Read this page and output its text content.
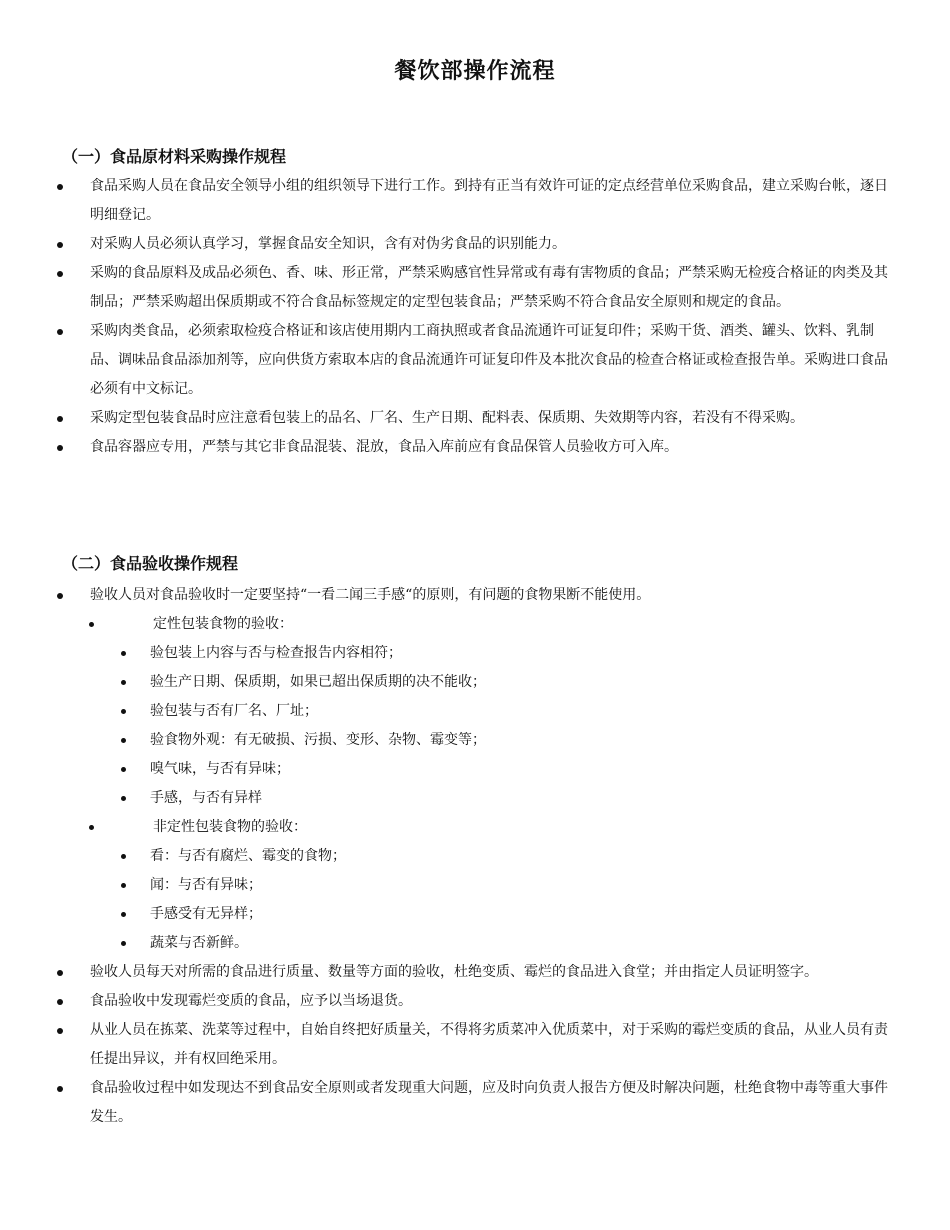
餐饮部操作流程
（一）食品原材料采购操作规程
食品采购人员在食品安全领导小组的组织领导下进行工作。到持有正当有效许可证的定点经营单位采购食品，建立采购台帐，逐日明细登记。
对采购人员必须认真学习，掌握食品安全知识，含有对伪劣食品的识别能力。
采购的食品原料及成品必须色、香、味、形正常，严禁采购感官性异常或有毒有害物质的食品；严禁采购无检疫合格证的肉类及其制品；严禁采购超出保质期或不符合食品标签规定的定型包装食品；严禁采购不符合食品安全原则和规定的食品。
采购肉类食品，必须索取检疫合格证和该店使用期内工商执照或者食品流通许可证复印件；采购干货、酒类、罐头、饮料、乳制品、调味品食品添加剂等，应向供货方索取本店的食品流通许可证复印件及本批次食品的检查合格证或检查报告单。采购进口食品必须有中文标记。
采购定型包装食品时应注意看包装上的品名、厂名、生产日期、配料表、保质期、失效期等内容，若没有不得采购。
食品容器应专用，严禁与其它非食品混装、混放，食品入库前应有食品保管人员验收方可入库。
（二）食品验收操作规程
验收人员对食品验收时一定要坚持“一看二闻三手感“的原则，有问题的食物果断不能使用。
定性包装食物的验收：
验包装上内容与否与检查报告内容相符；
验生产日期、保质期，如果已超出保质期的决不能收；
验包装与否有厂名、厂址；
验食物外观：有无破损、污损、变形、杂物、霉变等；
嗅气味，与否有异味；
手感，与否有异样
非定性包装食物的验收：
看：与否有腐烂、霉变的食物；
闻：与否有异味；
手感受有无异样；
蔬菜与否新鲜。
验收人员每天对所需的食品进行质量、数量等方面的验收，杜绝变质、霉烂的食品进入食堂；并由指定人员证明签字。
食品验收中发现霉烂变质的食品，应予以当场退货。
从业人员在拣菜、洗菜等过程中，自始自终把好质量关，不得将劣质菜冲入优质菜中，对于采购的霉烂变质的食品，从业人员有责任提出异议，并有权回绝采用。
食品验收过程中如发现达不到食品安全原则或者发现重大问题，应及时向负责人报告方便及时解决问题，杜绝食物中毒等重大事件发生。
